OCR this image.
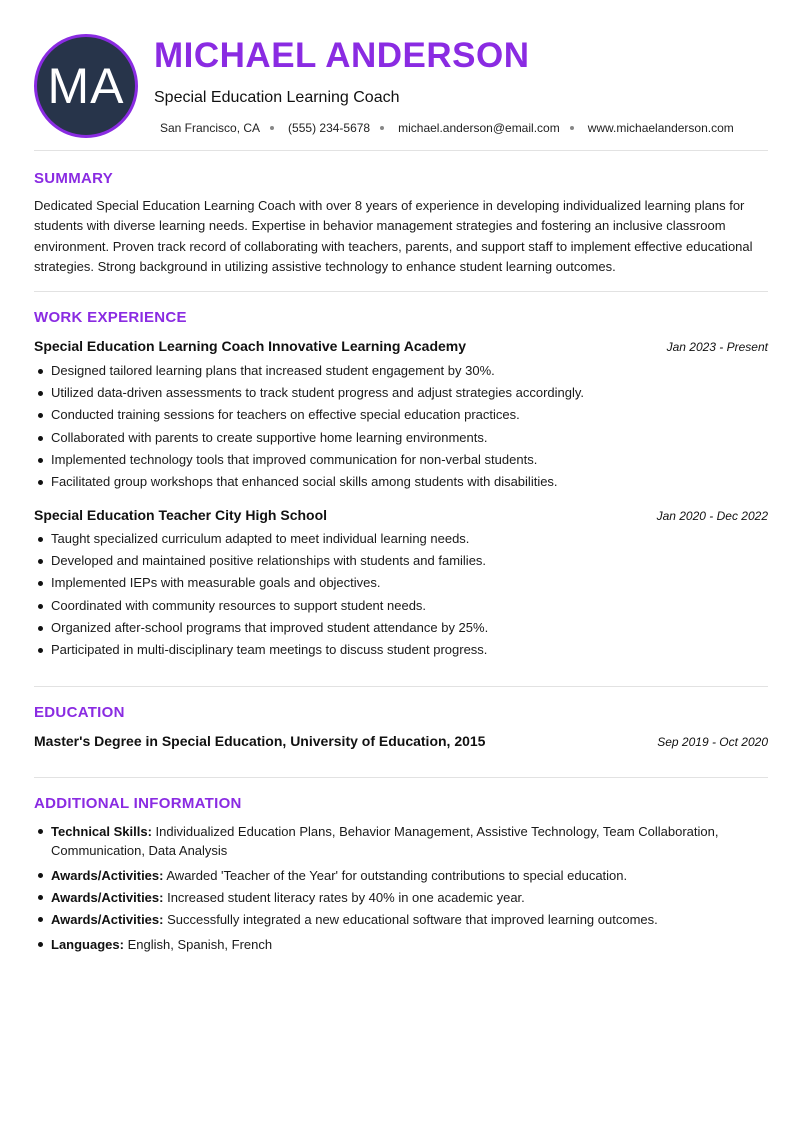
MA
MICHAEL ANDERSON
Special Education Learning Coach
San Francisco, CA (555) 234-5678 michael.anderson@email.com www.michaelanderson.com
SUMMARY

Dedicated Special Education Learning Coach with over 8 years of experience in developing individualized learning plans for students with diverse learning needs. Expertise in behavior management strategies and fostering an inclusive classroom environment. Proven track record of collaborating with teachers, parents, and support staff to implement effective educational strategies. Strong background in utilizing assistive technology to enhance student learning outcomes.

WORK EXPERIENCE
Special Education Learning Coach Innovative Learning Academy	Jan 2023 - Present
Designed tailored learning plans that increased student engagement by 30%.
Utilized data-driven assessments to track student progress and adjust strategies accordingly.
Conducted training sessions for teachers on effective special education practices.
Collaborated with parents to create supportive home learning environments.
Implemented technology tools that improved communication for non-verbal students.
Facilitated group workshops that enhanced social skills among students with disabilities.
Special Education Teacher City High School	Jan 2020 - Dec 2022
Taught specialized curriculum adapted to meet individual learning needs.
Developed and maintained positive relationships with students and families.
Implemented IEPs with measurable goals and objectives.
Coordinated with community resources to support student needs.
Organized after-school programs that improved student attendance by 25%.
Participated in multi-disciplinary team meetings to discuss student progress.
EDUCATION
Master's Degree in Special Education, University of Education, 2015	Sep 2019 - Oct 2020
ADDITIONAL INFORMATION
Technical Skills: Individualized Education Plans, Behavior Management, Assistive Technology, Team Collaboration, Communication, Data Analysis
Awards/Activities: Awarded 'Teacher of the Year' for outstanding contributions to special education.
Awards/Activities: Increased student literacy rates by 40% in one academic year.
Awards/Activities: Successfully integrated a new educational software that improved learning outcomes.
Languages: English, Spanish, French
